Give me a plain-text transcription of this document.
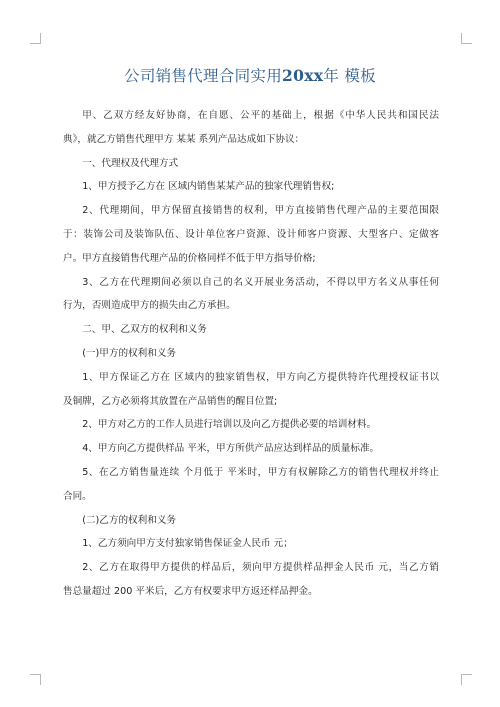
公司销售代理合同实用20xx年 模板
甲、乙双方经友好协商，在自愿、公平的基础上，根据《中华人民共和国民法
典》，就乙方销售代理甲方 某某 系列产品达成如下协议：
一、代理权及代理方式
1、甲方授予乙方在 区域内销售某某产品的独家代理销售权;
2、代理期间，甲方保留直接销售的权利，甲方直接销售代理产品的主要范围限
于：装饰公司及装饰队伍、设计单位客户资源、设计师客户资源、大型客户、定做客
户。甲方直接销售代理产品的价格同样不低于甲方指导价格;
3、乙方在代理期间必须以自己的名义开展业务活动，不得以甲方名义从事任何
行为，否则造成甲方的损失由乙方承担。
二、甲、乙双方的权利和义务
(一)甲方的权利和义务
1、甲方保证乙方在 区域内的独家销售权，甲方向乙方提供特许代理授权证书以
及铜牌，乙方必须将其放置在产品销售的醒目位置;
2、甲方对乙方的工作人员进行培训以及向乙方提供必要的培训材料。
4、甲方向乙方提供样品 平米，甲方所供产品应达到样品的质量标准。
5、在乙方销售量连续 个月低于 平米时，甲方有权解除乙方的销售代理权并终止
合同。
(二)乙方的权利和义务
1、乙方须向甲方支付独家销售保证金人民币 元；
2、乙方在取得甲方提供的样品后，须向甲方提供样品押金人民币 元，当乙方销
售总量超过 200 平米后，乙方有权要求甲方返还样品押金。
